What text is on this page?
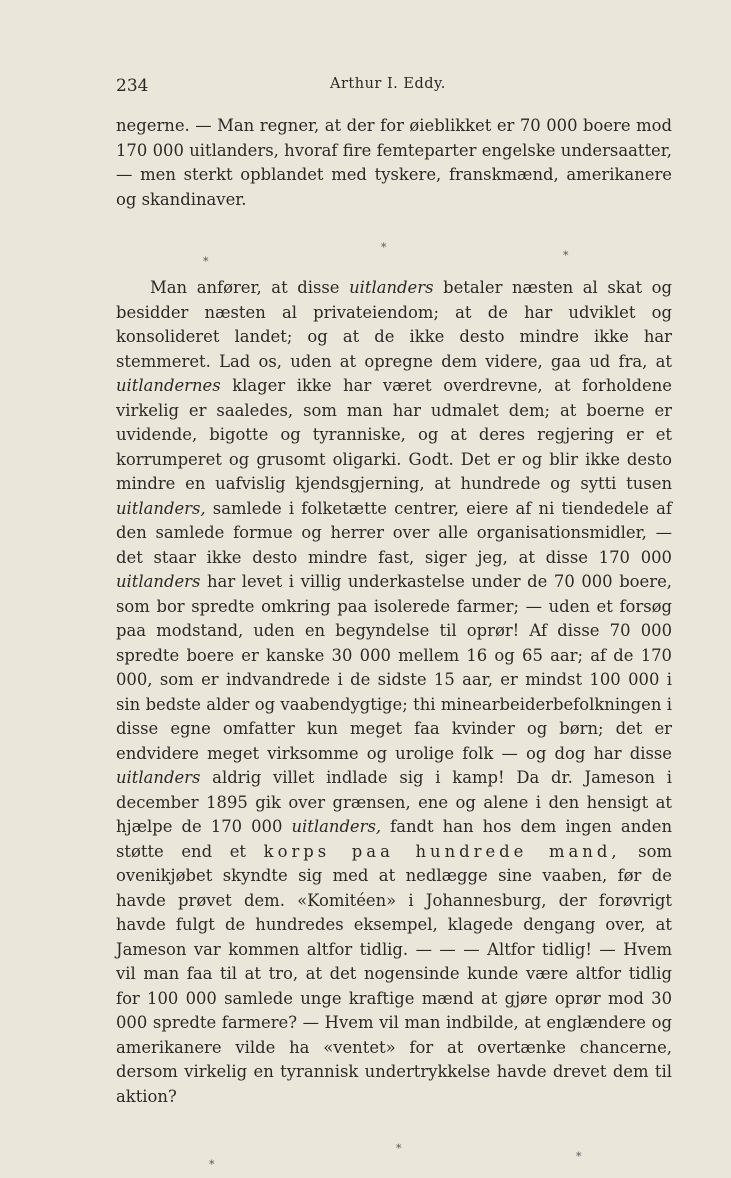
234	Arthur I. Eddy.

negerne. — Man regner, at der for øieblikket er 70 000 boere mod 170 000 uitlanders, hvoraf fire femteparter engelske undersaatter, — men sterkt opblandet med tyskere, franskmænd, amerikanere og skandinaver.

*
*
*

Man anfører, at disse uitlanders betaler næsten al skat og besidder næsten al privateiendom; at de har udviklet og konsolideret landet; og at de ikke desto mindre ikke har stemmeret. Lad os, uden at opregne dem videre, gaa ud fra, at uitlandernes klager ikke har været overdrevne, at forholdene virkelig er saaledes, som man har udmalet dem; at boerne er uvidende, bigotte og tyranniske, og at deres regjering er et korrumperet og grusomt oligarki. Godt. Det er og blir ikke desto mindre en uafvislig kjendsgjerning, at hundrede og sytti tusen uitlanders, samlede i folketætte centrer, eiere af ni tiendedele af den samlede formue og herrer over alle organisationsmidler, — det staar ikke desto mindre fast, siger jeg, at disse 170 000 uitlanders har levet i villig underkastelse under de 70 000 boere, som bor spredte omkring paa isolerede farmer; — uden et forsøg paa modstand, uden en begyndelse til oprør! Af disse 70 000 spredte boere er kanske 30 000 mellem 16 og 65 aar; af de 170 000, som er indvandrede i de sidste 15 aar, er mindst 100 000 i sin bedste alder og vaabendygtige; thi minearbeiderbefolkningen i disse egne omfatter kun meget faa kvinder og børn; det er endvidere meget virksomme og urolige folk — og dog har disse uitlanders aldrig villet indlade sig i kamp! Da dr. Jameson i december 1895 gik over grænsen, ene og alene i den hensigt at hjælpe de 170 000 uitlanders, fandt han hos dem ingen anden støtte end et korps paa hundrede mand, som ovenikjøbet skyndte sig med at nedlægge sine vaaben, før de havde prøvet dem. «Komitéen» i Johannesburg, der forøvrigt havde fulgt de hundredes eksempel, klagede dengang over, at Jameson var kommen altfor tidlig. — — — Altfor tidlig! — Hvem vil man faa til at tro, at det nogensinde kunde være altfor tidlig for 100 000 samlede unge kraftige mænd at gjøre oprør mod 30 000 spredte farmere? — Hvem vil man indbilde, at englændere og amerikanere vilde ha «ventet» for at overtænke chancerne, dersom virkelig en tyrannisk undertrykkelse havde drevet dem til aktion?

*
*
*
